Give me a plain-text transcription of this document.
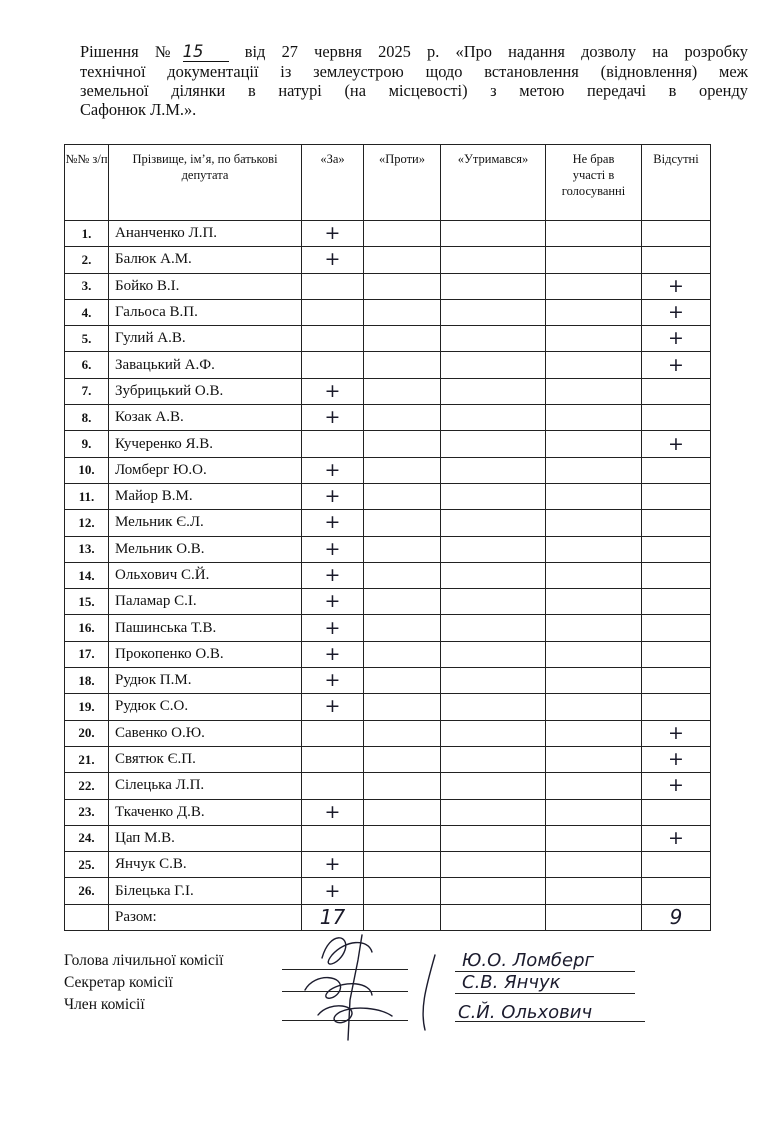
Рішення №15 від 27 червня 2025 р. «Про надання дозволу на розробку
технічної документації із землеустрою щодо встановлення (відновлення) меж
земельної ділянки в натурі (на місцевості) з метою передачі в оренду
Сафонюк Л.М.».
№№ з/п	Прізвище, ім’я, по батькові депутата	«За»	«Проти»	«Утримався»	Не брав участі в голосуванні	Відсутні
1.	Ананченко Л.П.	+				
2.	Балюк А.М.	+				
3.	Бойко В.І.					+
4.	Гальоса В.П.					+
5.	Гулий А.В.					+
6.	Завацький А.Ф.					+
7.	Зубрицький О.В.	+				
8.	Козак А.В.	+				
9.	Кучеренко Я.В.					+
10.	Ломберг Ю.О.	+				
11.	Майор В.М.	+				
12.	Мельник Є.Л.	+				
13.	Мельник О.В.	+				
14.	Ольхович С.Й.	+				
15.	Паламар С.І.	+				
16.	Пашинська Т.В.	+				
17.	Прокопенко О.В.	+				
18.	Рудюк П.М.	+				
19.	Рудюк С.О.	+				
20.	Савенко О.Ю.					+
21.	Святюк Є.П.					+
22.	Сілецька Л.П.					+
23.	Ткаченко Д.В.	+				
24.	Цап М.В.					+
25.	Янчук С.В.	+				
26.	Білецька Г.І.	+				
	Разом:	17				9
Голова лічильної комісії
Секретар комісії
Член комісії
Ю.О. Ломберг
С.В. Янчук
С.Й. Ольхович
